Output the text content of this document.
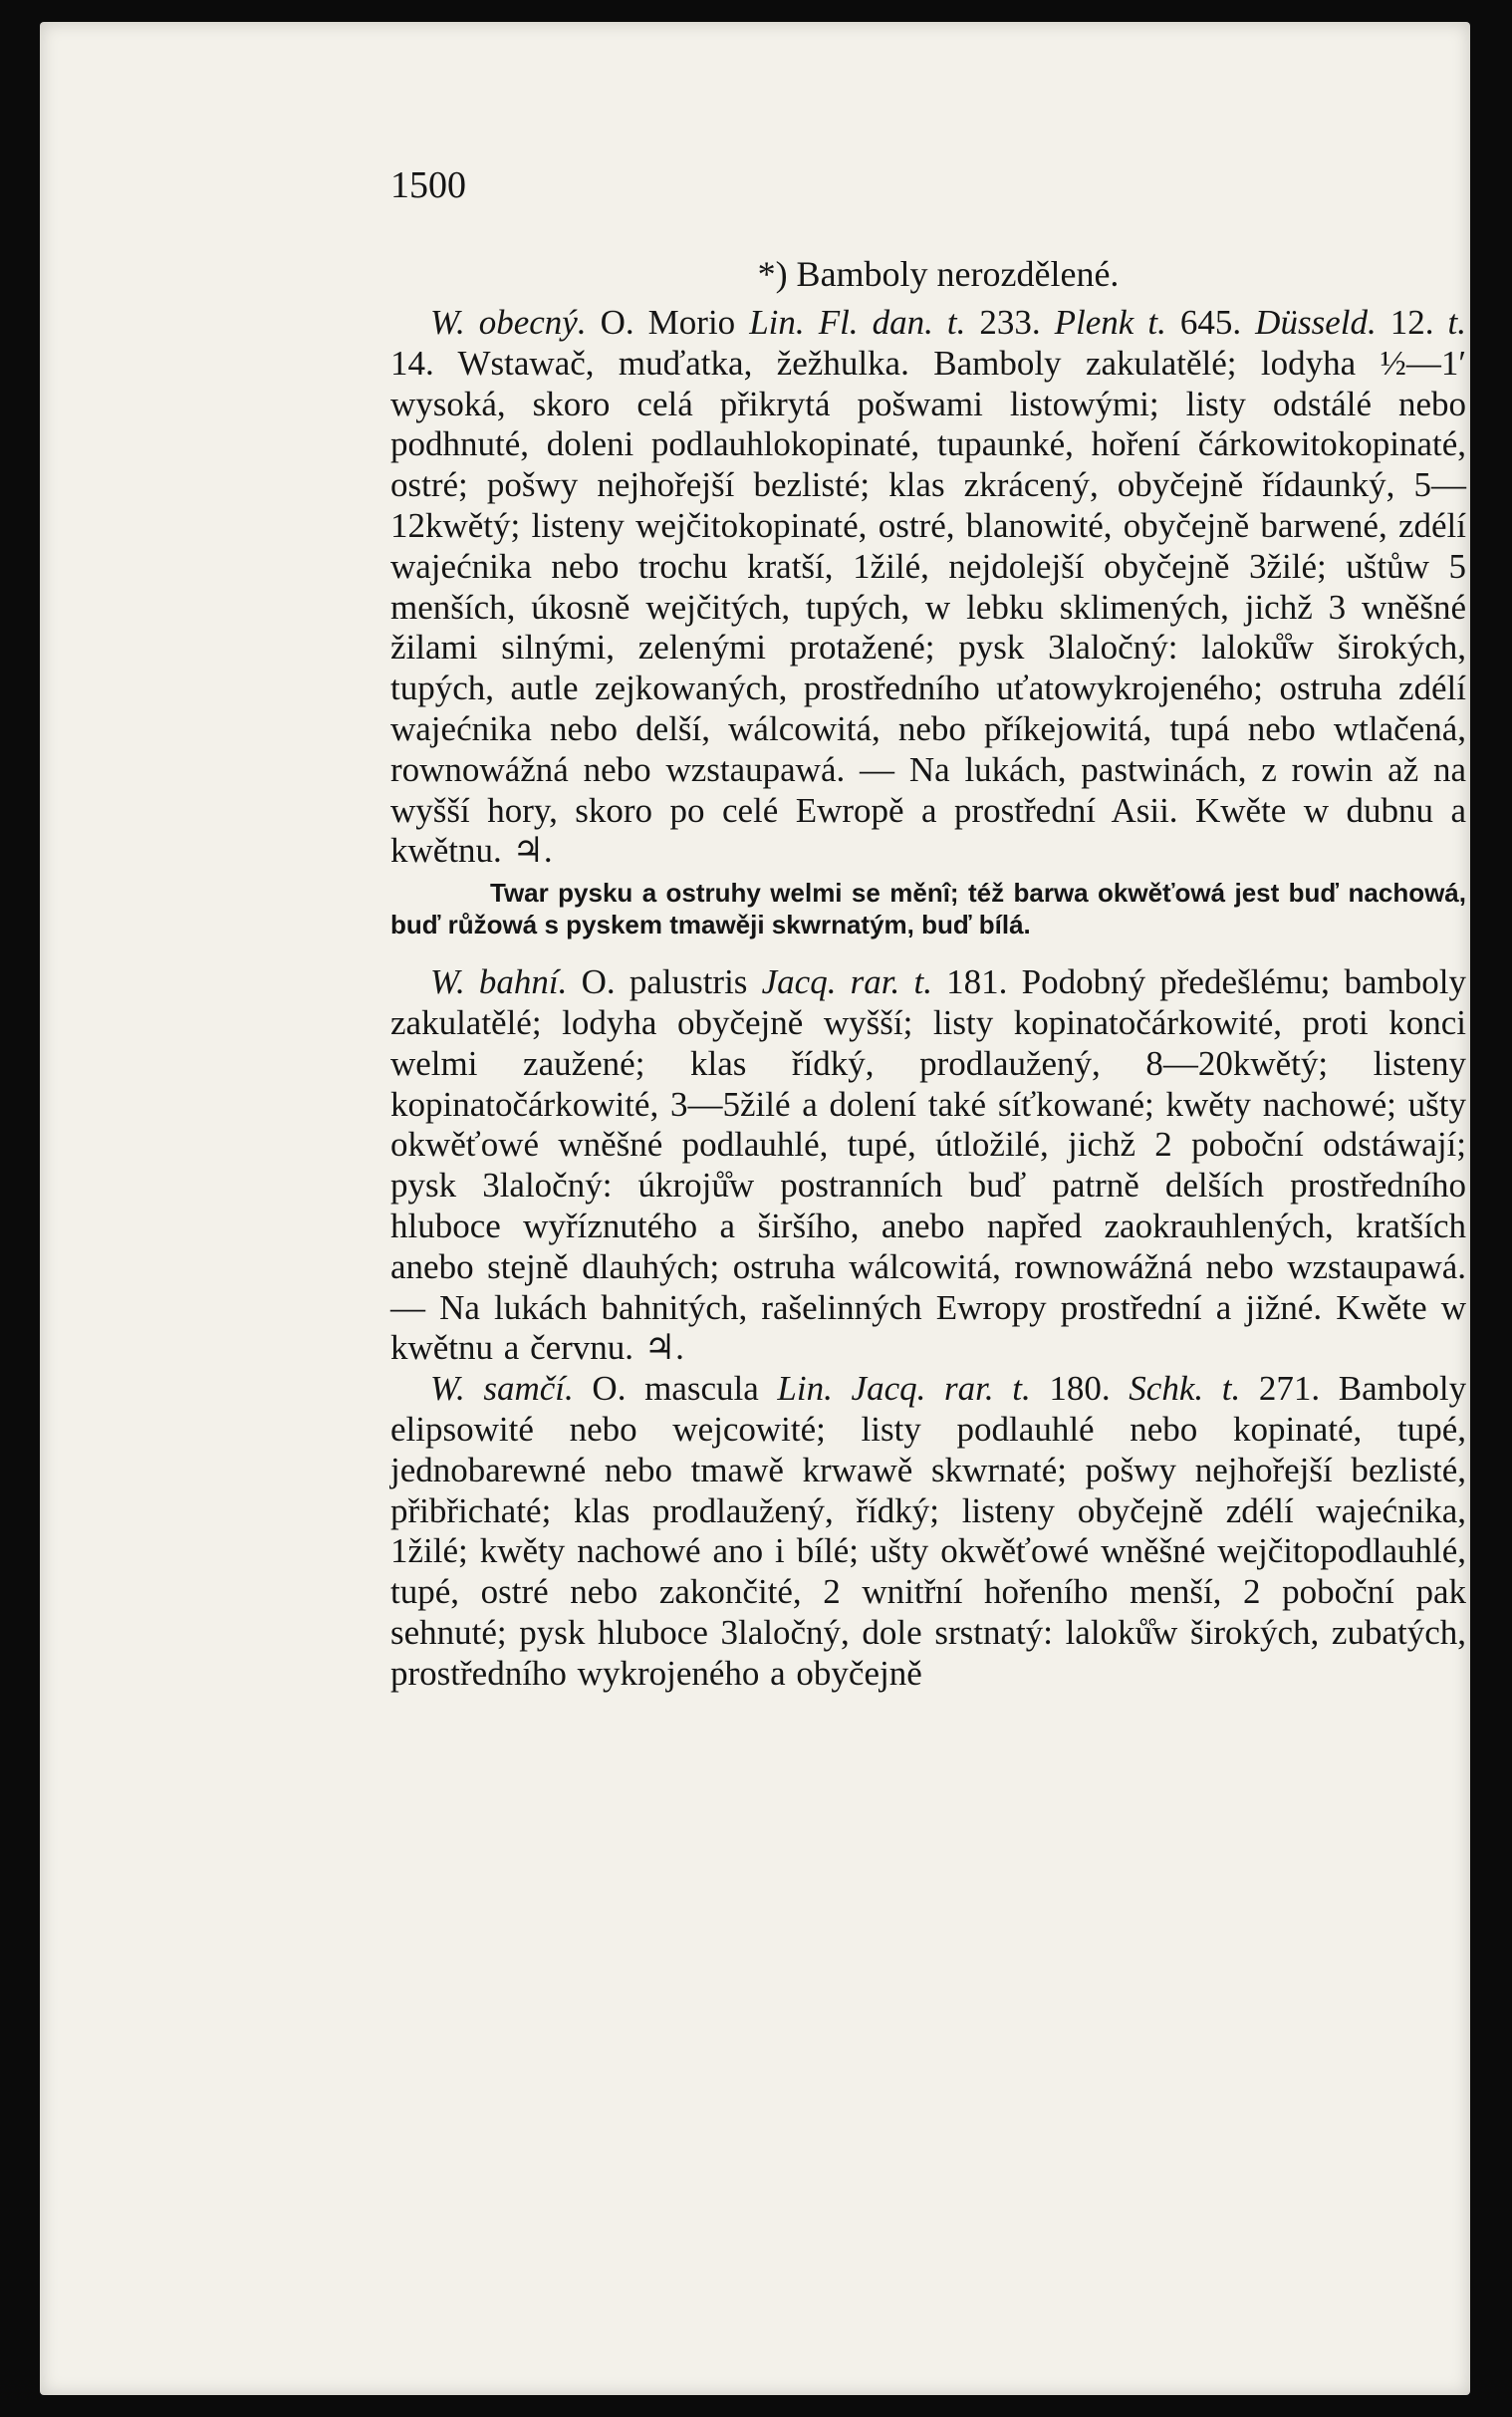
1500

*) Bamboly nerozdělené.

W. obecný. O. Morio Lin. Fl. dan. t. 233. Plenk t. 645. Düsseld. 12. t. 14. Wstawač, muďatka, žežhulka. Bamboly zakulatělé; lodyha ½—1′ wysoká, skoro celá přikrytá pošwami listowými; listy odstálé nebo podhnuté, doleni podlauhlokopinaté, tupaunké, hoření čárkowitokopinaté, ostré; pošwy nejhořejší bezlisté; klas zkrácený, obyčejně řídaunký, 5—12kwětý; listeny wejčitokopinaté, ostré, blanowité, obyčejně barwené, zdélí wajećnika nebo trochu kratší, 1žilé, nejdolejší obyčejně 3žilé; uštůw 5 menších, úkosně wejčitých, tupých, w lebku sklimených, jichž 3 wněšné žilami silnými, zelenými protažené; pysk 3laločný: laloků̊w širokých, tupých, autle zejkowaných, prostředního uťatowykrojeného; ostruha zdélí wajećnika nebo delší, wálcowitá, nebo příkejowitá, tupá nebo wtlačená, rownowážná nebo wzstaupawá. — Na lukách, pastwinách, z rowin až na wyšší hory, skoro po celé Ewropě a prostřední Asii. Kwěte w dubnu a kwětnu. ♃.

Twar pysku a ostruhy welmi se měnî; též barwa okwěťowá jest buď nachowá, buď růžowá s pyskem tmawěji skwrnatým, buď bílá.

W. bahní. O. palustris Jacq. rar. t. 181. Podobný předešlému; bamboly zakulatělé; lodyha obyčejně wyšší; listy kopinatočárkowité, proti konci welmi zaužené; klas řídký, prodlaužený, 8—20kwětý; listeny kopinatočárkowité, 3—5žilé a dolení také síťkowané; kwěty nachowé; ušty okwěťowé wněšné podlauhlé, tupé, útložilé, jichž 2 poboční odstáwají; pysk 3laločný: úkrojů̊w postranních buď patrně delších prostředního hluboce wyříznutého a širšího, anebo napřed zaokrauhlených, kratších anebo stejně dlauhých; ostruha wálcowitá, rownowážná nebo wzstaupawá. — Na lukách bahnitých, rašelinných Ewropy prostřední a jižné. Kwěte w kwětnu a červnu. ♃.

W. samčí. O. mascula Lin. Jacq. rar. t. 180. Schk. t. 271. Bamboly elipsowité nebo wejcowité; listy podlauhlé nebo kopinaté, tupé, jednobarewné nebo tmawě krwawě skwrnaté; pošwy nejhořejší bezlisté, přibřichaté; klas prodlaužený, řídký; listeny obyčejně zdélí wajećnika, 1žilé; kwěty nachowé ano i bílé; ušty okwěťowé wněšné wejčitopodlauhlé, tupé, ostré nebo zakončité, 2 wnitřní hořeního menší, 2 poboční pak sehnuté; pysk hluboce 3laločný, dole srstnatý: laloků̊w širokých, zubatých, prostředního wykrojeného a obyčejně
